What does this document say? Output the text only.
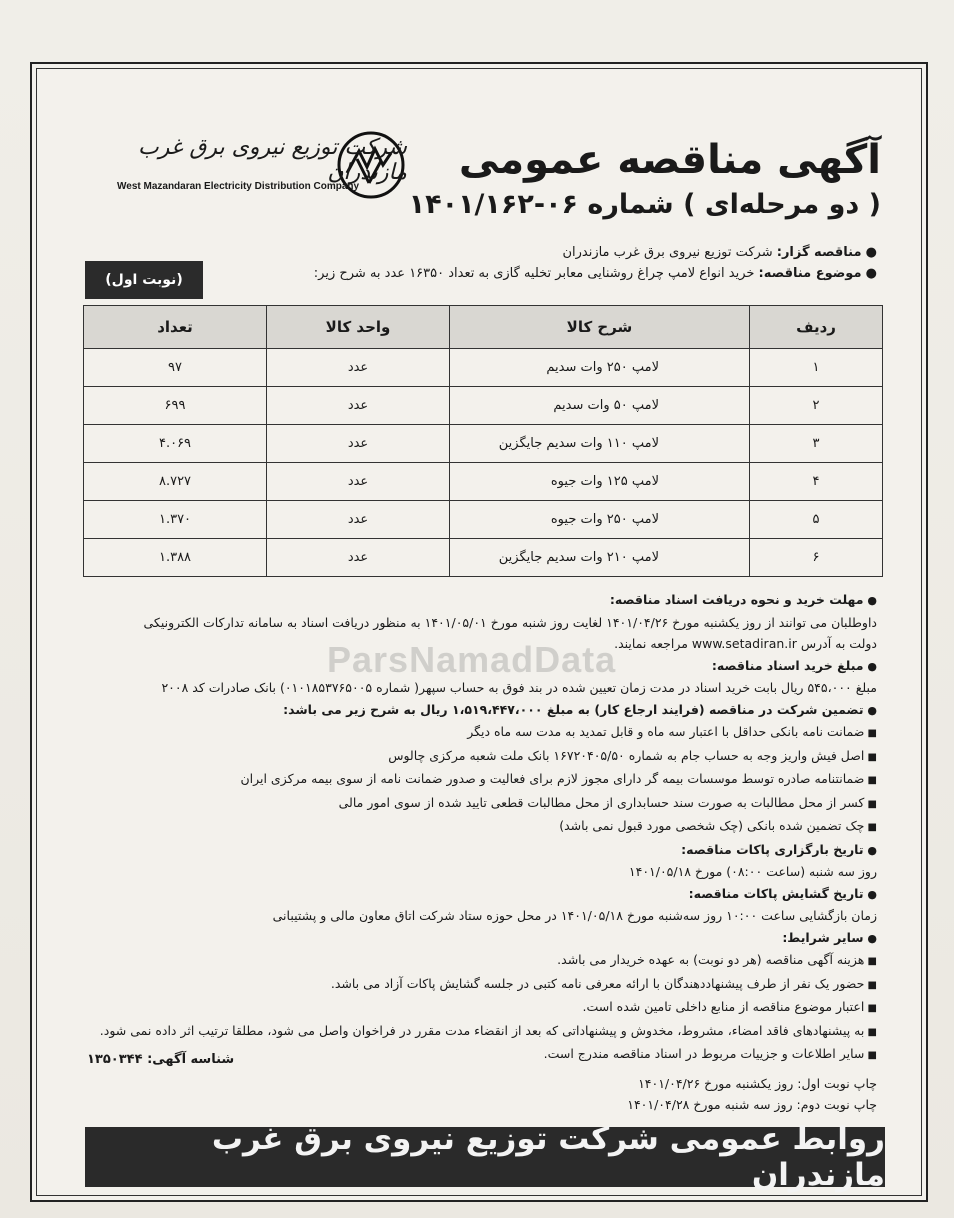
آگهی مناقصه عمومی
( دو مرحله‌ای ) شماره ۰۶-۱۴۰۱/۱۶۲
شرکت توزیع نیروی برق غرب مازندران
West Mazandaran Electricity Distribution Company
● مناقصه گزار: شرکت توزیع نیروی برق غرب مازندران
● موضوع مناقصه: خرید انواع لامپ چراغ روشنایی معابر تخلیه گازی به تعداد ۱۶۳۵۰ عدد به شرح زیر:
(نوبت اول)
ردیف	شرح کالا	واحد کالا	تعداد
۱	لامپ ۲۵۰ وات سدیم	عدد	۹۷
۲	لامپ ۵۰ وات سدیم	عدد	۶۹۹
۳	لامپ ۱۱۰ وات سدیم جایگزین	عدد	۴.۰۶۹
۴	لامپ ۱۲۵ وات جیوه	عدد	۸.۷۲۷
۵	لامپ ۲۵۰ وات جیوه	عدد	۱.۳۷۰
۶	لامپ ۲۱۰ وات سدیم جایگزین	عدد	۱.۳۸۸
ParsNamadData

● مهلت خرید و نحوه دریافت اسناد مناقصه:

داوطلبان می توانند از روز یکشنبه مورخ ۱۴۰۱/۰۴/۲۶ لغایت روز شنبه مورخ ۱۴۰۱/۰۵/۰۱ به منظور دریافت اسناد به سامانه تدارکات الکترونیکی

دولت به آدرس www.setadiran.ir مراجعه نمایند.

● مبلغ خرید اسناد مناقصه:

مبلغ ۵۴۵،۰۰۰ ریال بابت خرید اسناد در مدت زمان تعیین شده در بند فوق به حساب سپهر( شماره ۰۱۰۱۸۵۳۷۶۵۰۰۵) بانک صادرات کد ۲۰۰۸

● تضمین شرکت در مناقصه (فرایند ارجاع کار) به مبلغ ۱،۵۱۹،۴۴۷،۰۰۰ ریال به شرح زیر می باشد:

■ ضمانت نامه بانکی حداقل با اعتبار سه ماه و قابل تمدید به مدت سه ماه دیگر

■ اصل فیش واریز وجه به حساب جام به شماره ۱۶۷۲۰۴۰۵/۵۰ بانک ملت شعبه مرکزی چالوس

■ ضمانتنامه صادره توسط موسسات بیمه گر دارای مجوز لازم برای فعالیت و صدور ضمانت نامه از سوی بیمه مرکزی ایران

■ کسر از محل مطالبات به صورت سند حسابداری از محل مطالبات قطعی تایید شده از سوی امور مالی

■ چک تضمین شده بانکی (چک شخصی مورد قبول نمی باشد)

● تاریخ بارگزاری پاکات مناقصه:

روز سه شنبه (ساعت ۰۸:۰۰) مورخ ۱۴۰۱/۰۵/۱۸

● تاریخ گشایش پاکات مناقصه:

زمان بازگشایی ساعت ۱۰:۰۰ روز سه‌شنبه مورخ ۱۴۰۱/۰۵/۱۸ در محل حوزه ستاد شرکت اتاق معاون مالی و پشتیبانی

● سایر شرایط:

■ هزینه آگهی مناقصه (هر دو نوبت) به عهده خریدار می باشد.

■ حضور یک نفر از طرف پیشنهاددهندگان با ارائه معرفی نامه کتبی در جلسه گشایش پاکات آزاد می باشد.

■ اعتبار موضوع مناقصه از منابع داخلی تامین شده است.

■ به پیشنهادهای فاقد امضاء، مشروط، مخدوش و پیشنهاداتی که بعد از انقضاء مدت مقرر در فراخوان واصل می شود، مطلقا ترتیب اثر داده نمی شود.

■ سایر اطلاعات و جزییات مربوط در اسناد مناقصه مندرج است.

شناسه آگهی: ۱۳۵۰۳۴۴

چاپ نوبت اول: روز یکشنبه مورخ ۱۴۰۱/۰۴/۲۶

چاپ نوبت دوم: روز سه شنبه مورخ ۱۴۰۱/۰۴/۲۸

روابط عمومی شرکت توزیع نیروی برق غرب مازندران
